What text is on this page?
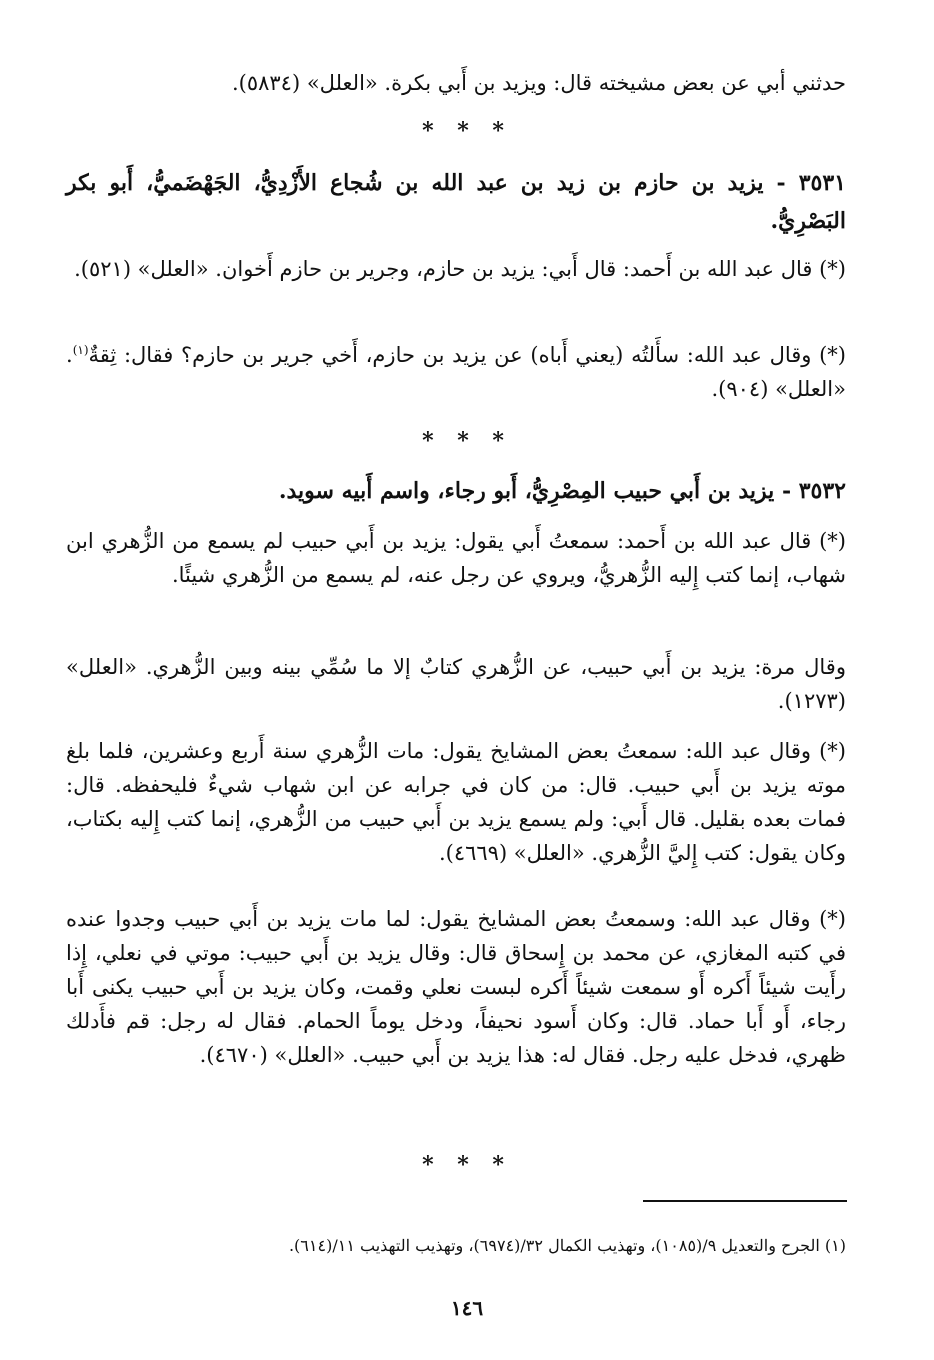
حدثني أبي عن بعض مشيخته قال: ويزيد بن أَبي بكرة. «العلل» (٥٨٣٤).

* * *

٣٥٣١ - يزيد بن حازم بن زيد بن عبد الله بن شُجاع الأَزْدِيُّ، الجَهْضَميُّ، أَبو بكر البَصْرِيُّ.

(*) قال عبد الله بن أَحمد: قال أَبي: يزيد بن حازم، وجرير بن حازم أَخوان. «العلل» (٥٢١).

(*) وقال عبد الله: سأَلتُه (يعني أَباه) عن يزيد بن حازم، أَخي جرير بن حازم؟ فقال: ثِقةٌ$^{(١)}$. «العلل» (٩٠٤).

* * *

٣٥٣٢ - يزيد بن أَبي حبيب المِصْرِيُّ، أَبو رجاء، واسم أَبيه سويد.

(*) قال عبد الله بن أَحمد: سمعتُ أَبي يقول: يزيد بن أَبي حبيب لم يسمع من الزُّهري ابن شهاب، إنما كتب إِليه الزُّهريُّ، ويروي عن رجل عنه، لم يسمع من الزُّهري شيئًا.

وقال مرة: يزيد بن أَبي حبيب، عن الزُّهري كتابٌ إلا ما سُمِّي بينه وبين الزُّهري. «العلل» (١٢٧٣).

(*) وقال عبد الله: سمعتُ بعض المشايخ يقول: مات الزُّهري سنة أَربع وعشرين، فلما بلغ موته يزيد بن أَبي حبيب. قال: من كان في جرابه عن ابن شهاب شيءٌ فليحفظه. قال: فمات بعده بقليل. قال أَبي: ولم يسمع يزيد بن أَبي حبيب من الزُّهري، إنما كتب إِليه بكتاب، وكان يقول: كتب إِليَّ الزُّهري. «العلل» (٤٦٦٩).

(*) وقال عبد الله: وسمعتُ بعض المشايخ يقول: لما مات يزيد بن أَبي حبيب وجدوا عنده في كتبه المغازي، عن محمد بن إِسحاق قال: وقال يزيد بن أَبي حبيب: موتي في نعلي، إِذا رأَيت شيئاً أَكره أَو سمعت شيئاً أَكره لبست نعلي وقمت، وكان يزيد بن أَبي حبيب يكنى أَبا رجاء، أَو أَبا حماد. قال: وكان أَسود نحيفاً، ودخل يوماً الحمام. فقال له رجل: قم فأَدلك ظهري، فدخل عليه رجل. فقال له: هذا يزيد بن أَبي حبيب. «العلل» (٤٦٧٠).

* * *

(١) الجرح والتعديل ٩/(١٠٨٥)، وتهذيب الكمال ٣٢/(٦٩٧٤)، وتهذيب التهذيب ١١/(٦١٤).

١٤٦
